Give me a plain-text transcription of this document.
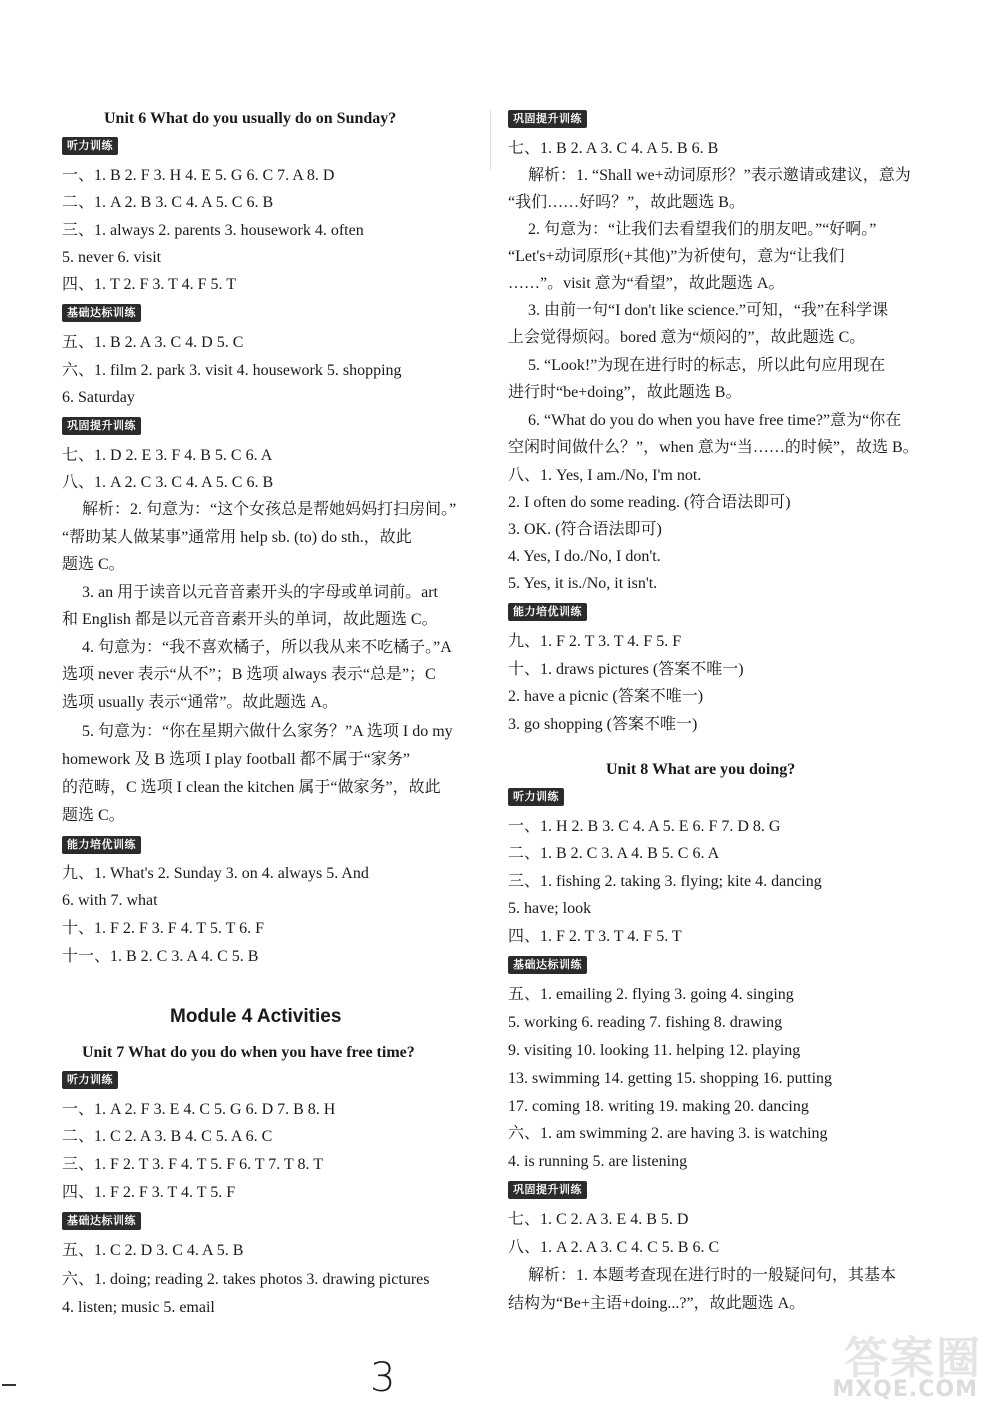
Unit 6 What do you usually do on Sunday?
听力训练
一、1. B 2. F 3. H 4. E 5. G 6. C 7. A 8. D
二、1. A 2. B 3. C 4. A 5. C 6. B
三、1. always 2. parents 3. housework 4. often
5. never 6. visit
四、1. T 2. F 3. T 4. F 5. T
基础达标训练
五、1. B 2. A 3. C 4. D 5. C
六、1. film 2. park 3. visit 4. housework 5. shopping
6. Saturday
巩固提升训练
七、1. D 2. E 3. F 4. B 5. C 6. A
八、1. A 2. C 3. C 4. A 5. C 6. B
解析：2. 句意为：“这个女孩总是帮她妈妈打扫房间。”
“帮助某人做某事”通常用 help sb. (to) do sth.，故此
题选 C。
3. an 用于读音以元音音素开头的字母或单词前。art
和 English 都是以元音音素开头的单词，故此题选 C。
4. 句意为：“我不喜欢橘子，所以我从来不吃橘子。”A
选项 never 表示“从不”；B 选项 always 表示“总是”；C
选项 usually 表示“通常”。故此题选 A。
5. 句意为：“你在星期六做什么家务？”A 选项 I do my
homework 及 B 选项 I play football 都不属于“家务”
的范畴，C 选项 I clean the kitchen 属于“做家务”，故此
题选 C。
能力培优训练
九、1. What's 2. Sunday 3. on 4. always 5. And
6. with 7. what
十、1. F 2. F 3. F 4. T 5. T 6. F
十一、1. B 2. C 3. A 4. C 5. B
Module 4 Activities
Unit 7 What do you do when you have free time?
听力训练
一、1. A 2. F 3. E 4. C 5. G 6. D 7. B 8. H
二、1. C 2. A 3. B 4. C 5. A 6. C
三、1. F 2. T 3. F 4. T 5. F 6. T 7. T 8. T
四、1. F 2. F 3. T 4. T 5. F
基础达标训练
五、1. C 2. D 3. C 4. A 5. B
六、1. doing; reading 2. takes photos 3. drawing pictures
4. listen; music 5. email
巩固提升训练
七、1. B 2. A 3. C 4. A 5. B 6. B
解析：1. “Shall we+动词原形？”表示邀请或建议，意为
“我们……好吗？”，故此题选 B。
2. 句意为：“让我们去看望我们的朋友吧。”“好啊。”
“Let's+动词原形(+其他)”为祈使句，意为“让我们
……”。visit 意为“看望”，故此题选 A。
3. 由前一句“I don't like science.”可知，“我”在科学课
上会觉得烦闷。bored 意为“烦闷的”，故此题选 C。
5. “Look!”为现在进行时的标志，所以此句应用现在
进行时“be+doing”，故此题选 B。
6. “What do you do when you have free time?”意为“你在
空闲时间做什么？”，when 意为“当……的时候”，故选 B。
八、1. Yes, I am./No, I'm not.
2. I often do some reading. (符合语法即可)
3. OK. (符合语法即可)
4. Yes, I do./No, I don't.
5. Yes, it is./No, it isn't.
能力培优训练
九、1. F 2. T 3. T 4. F 5. F
十、1. draws pictures (答案不唯一)
2. have a picnic (答案不唯一)
3. go shopping (答案不唯一)
Unit 8 What are you doing?
听力训练
一、1. H 2. B 3. C 4. A 5. E 6. F 7. D 8. G
二、1. B 2. C 3. A 4. B 5. C 6. A
三、1. fishing 2. taking 3. flying; kite 4. dancing
5. have; look
四、1. F 2. T 3. T 4. F 5. T
基础达标训练
五、1. emailing 2. flying 3. going 4. singing
5. working 6. reading 7. fishing 8. drawing
9. visiting 10. looking 11. helping 12. playing
13. swimming 14. getting 15. shopping 16. putting
17. coming 18. writing 19. making 20. dancing
六、1. am swimming 2. are having 3. is watching
4. is running 5. are listening
巩固提升训练
七、1. C 2. A 3. E 4. B 5. D
八、1. A 2. A 3. C 4. C 5. B 6. C
解析：1. 本题考查现在进行时的一般疑问句，其基本
结构为“Be+主语+doing...?”，故此题选 A。
3	答案圈
MXQE.COM
